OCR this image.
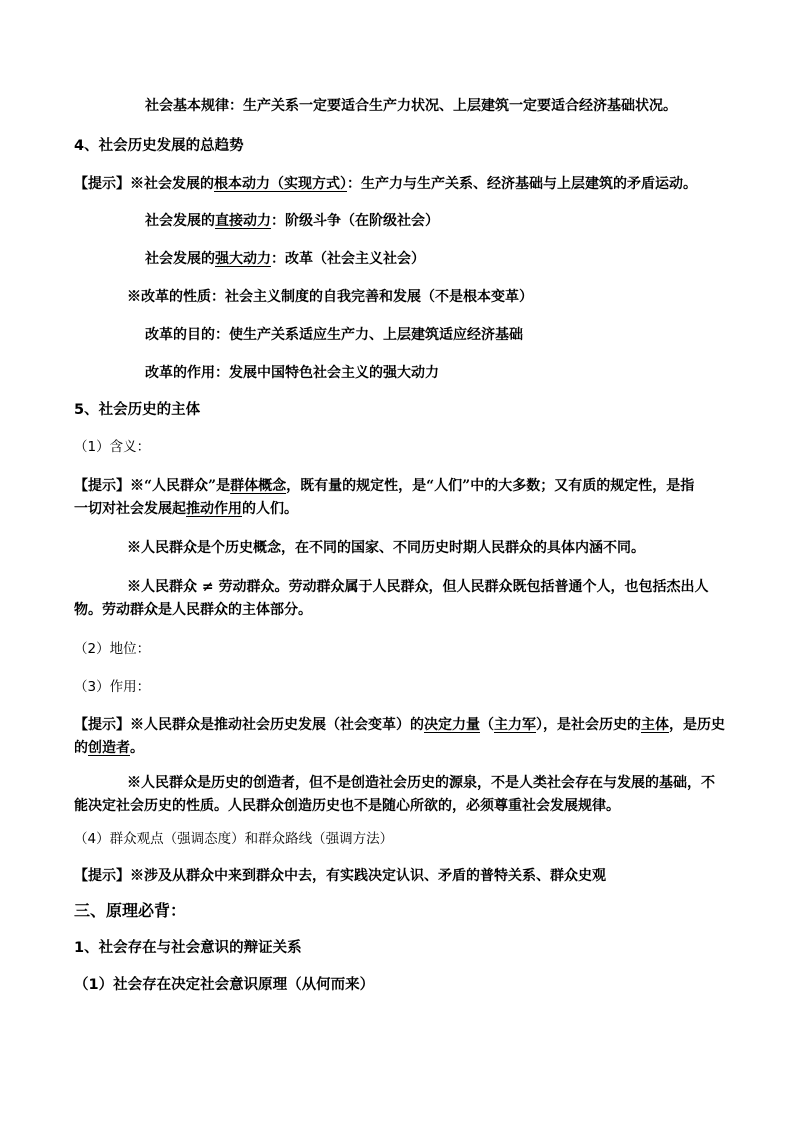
社会基本规律：生产关系一定要适合生产力状况、上层建筑一定要适合经济基础状况。
4、社会历史发展的总趋势
【提示】※社会发展的根本动力（实现方式）：生产力与生产关系、经济基础与上层建筑的矛盾运动。
社会发展的直接动力：阶级斗争（在阶级社会）
社会发展的强大动力：改革（社会主义社会）
※改革的性质：社会主义制度的自我完善和发展（不是根本变革）
改革的目的：使生产关系适应生产力、上层建筑适应经济基础
改革的作用：发展中国特色社会主义的强大动力
5、社会历史的主体
（1）含义：
【提示】※“人民群众”是群体概念，既有量的规定性，是“人们”中的大多数；又有质的规定性，是指
一切对社会发展起推动作用的人们。
※人民群众是个历史概念，在不同的国家、不同历史时期人民群众的具体内涵不同。
※人民群众 ≠ 劳动群众。劳动群众属于人民群众，但人民群众既包括普通个人，也包括杰出人
物。劳动群众是人民群众的主体部分。
（2）地位：
（3）作用：
【提示】※人民群众是推动社会历史发展（社会变革）的决定力量（主力军），是社会历史的主体，是历史
的创造者。
※人民群众是历史的创造者，但不是创造社会历史的源泉，不是人类社会存在与发展的基础，不
能决定社会历史的性质。人民群众创造历史也不是随心所欲的，必须尊重社会发展规律。
（4）群众观点（强调态度）和群众路线（强调方法）
【提示】※涉及从群众中来到群众中去，有实践决定认识、矛盾的普特关系、群众史观
三、原理必背：
1、社会存在与社会意识的辩证关系
（1）社会存在决定社会意识原理（从何而来）
